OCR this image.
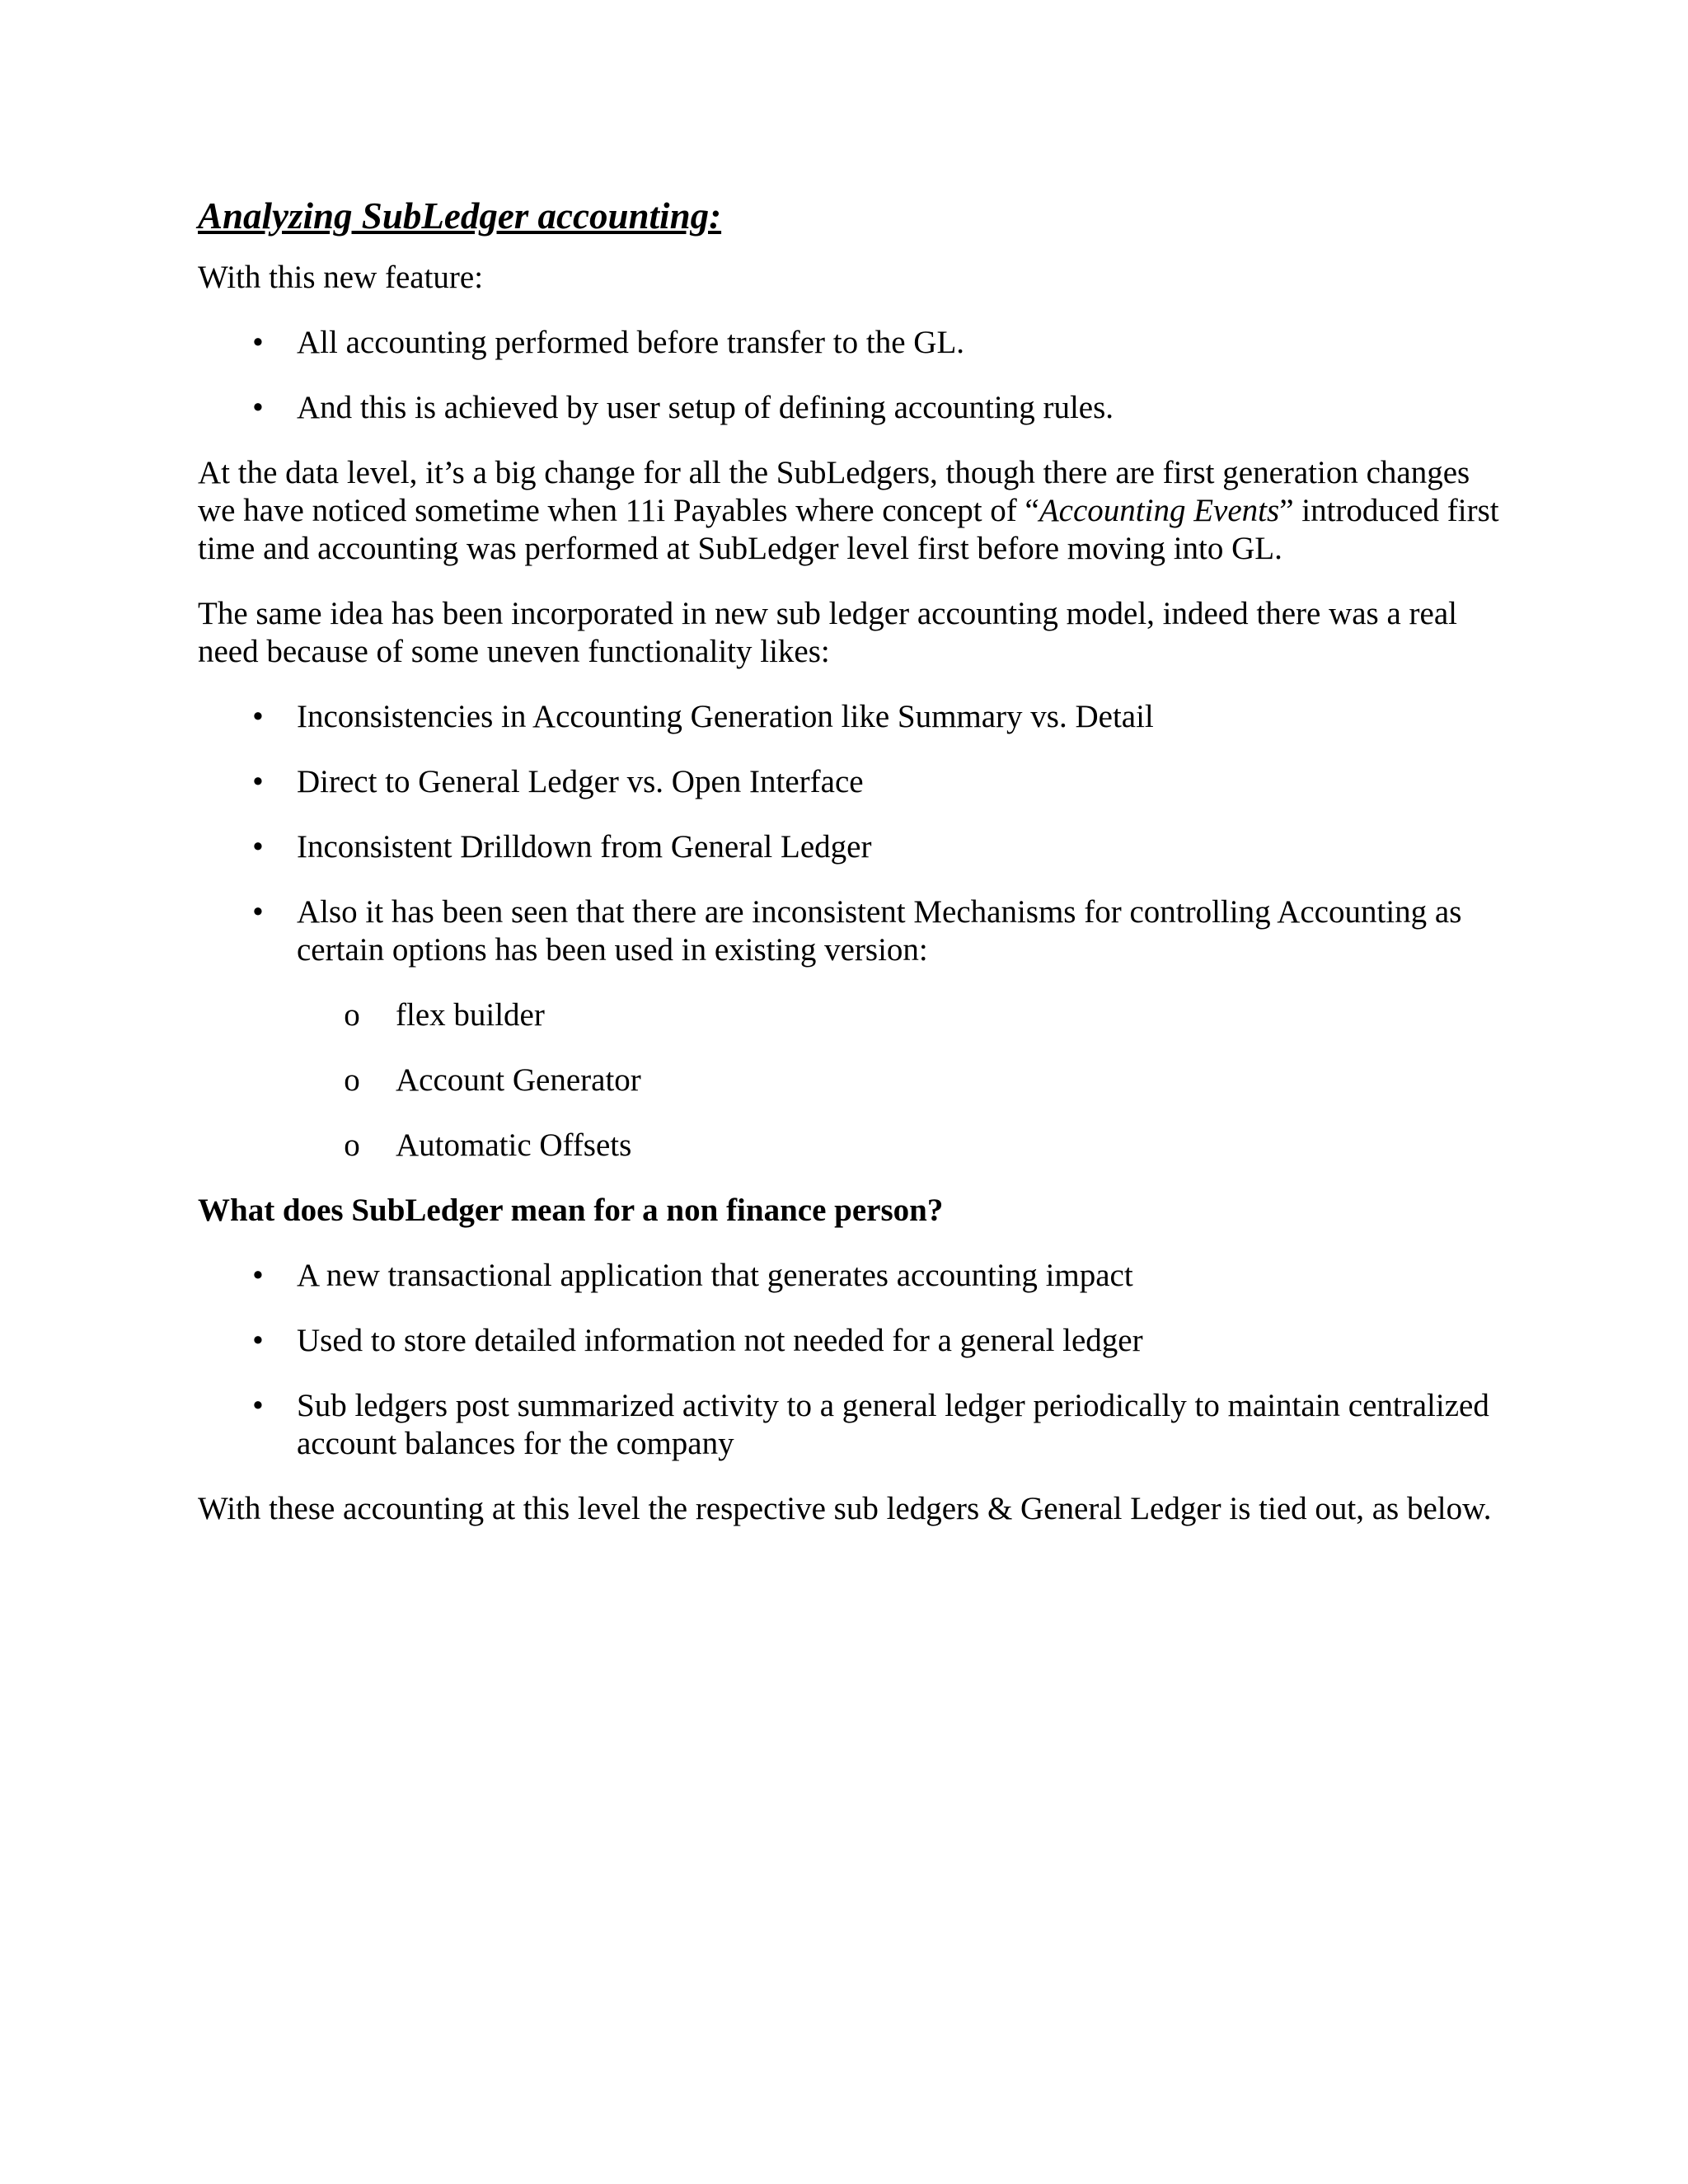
Analyzing SubLedger accounting:

With this new feature:

• All accounting performed before transfer to the GL.
• And this is achieved by user setup of defining accounting rules.

At the data level, it’s a big change for all the SubLedgers, though there are first generation changes we have noticed sometime when 11i Payables where concept of “Accounting Events” introduced first time and accounting was performed at SubLedger level first before moving into GL.

The same idea has been incorporated in new sub ledger accounting model, indeed there was a real need because of some uneven functionality likes:

• Inconsistencies in Accounting Generation like Summary vs. Detail
• Direct to General Ledger vs. Open Interface
• Inconsistent Drilldown from General Ledger
• Also it has been seen that there are inconsistent Mechanisms for controlling Accounting as certain options has been used in existing version:
o flex builder
o Account Generator
o Automatic Offsets
What does SubLedger mean for a non finance person?
• A new transactional application that generates accounting impact
• Used to store detailed information not needed for a general ledger
• Sub ledgers post summarized activity to a general ledger periodically to maintain centralized account balances for the company

With these accounting at this level the respective sub ledgers & General Ledger is tied out, as below.
